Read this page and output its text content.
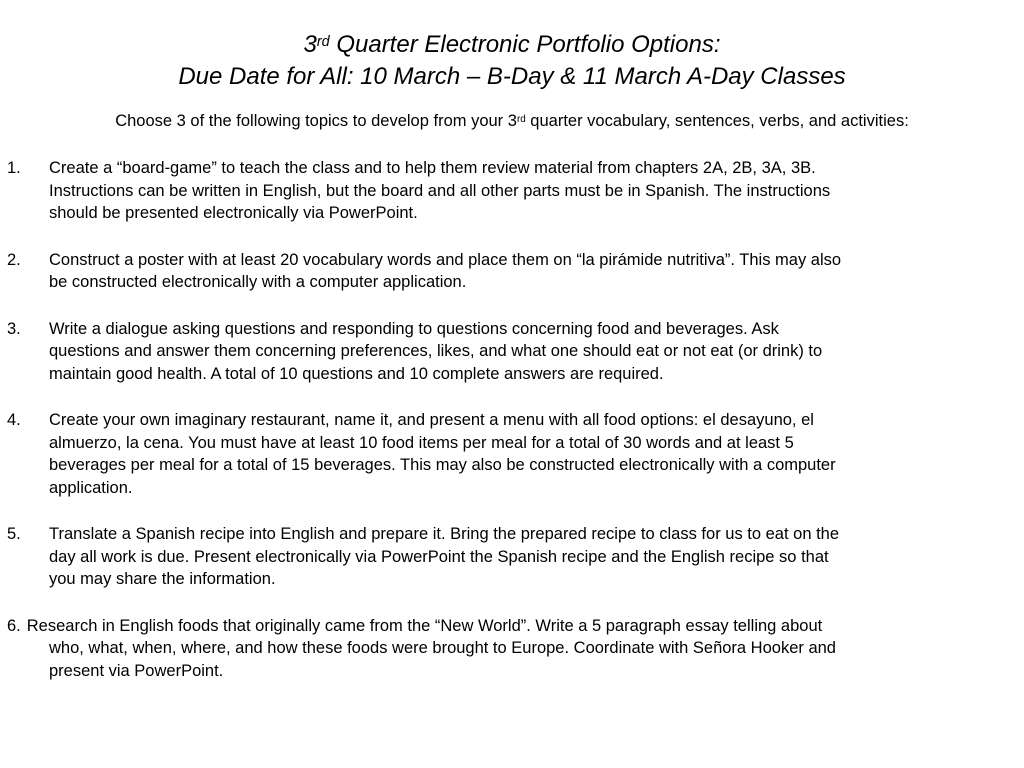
3rd Quarter Electronic Portfolio Options:
Due Date for All: 10 March – B-Day & 11 March A-Day Classes
Choose 3 of the following topics to develop from your 3rd quarter vocabulary, sentences, verbs, and activities:
1. Create a “board-game” to teach the class and to help them review material from chapters 2A, 2B, 3A, 3B.
Instructions can be written in English, but the board and all other parts must be in Spanish. The instructions
should be presented electronically via PowerPoint.
2. Construct a poster with at least 20 vocabulary words and place them on “la pirámide nutritiva”. This may also
be constructed electronically with a computer application.
3. Write a dialogue asking questions and responding to questions concerning food and beverages. Ask
questions and answer them concerning preferences, likes, and what one should eat or not eat (or drink) to
maintain good health. A total of 10 questions and 10 complete answers are required.
4. Create your own imaginary restaurant, name it, and present a menu with all food options: el desayuno, el
almuerzo, la cena. You must have at least 10 food items per meal for a total of 30 words and at least 5
beverages per meal for a total of 15 beverages. This may also be constructed electronically with a computer
application.
5. Translate a Spanish recipe into English and prepare it. Bring the prepared recipe to class for us to eat on the
day all work is due. Present electronically via PowerPoint the Spanish recipe and the English recipe so that
you may share the information.
6. Research in English foods that originally came from the “New World”. Write a 5 paragraph essay telling about
who, what, when, where, and how these foods were brought to Europe. Coordinate with Señora Hooker and
present via PowerPoint.
